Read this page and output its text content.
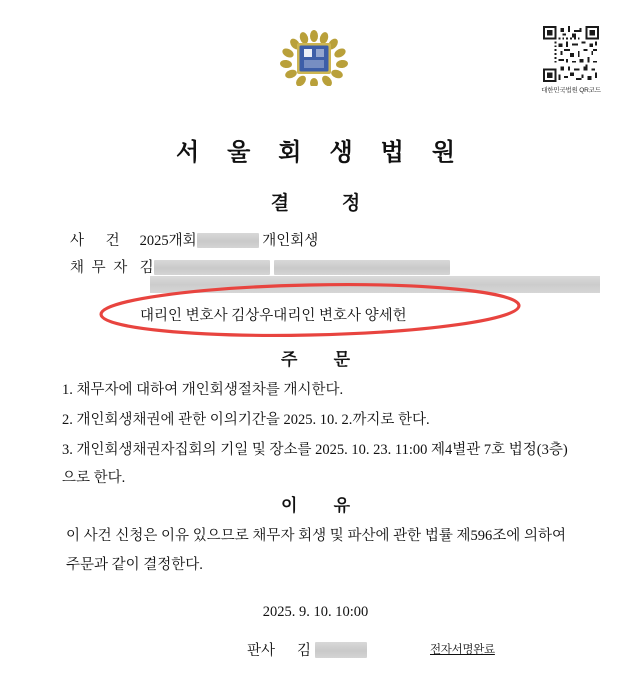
대한민국법원 QR코드
서 울 회 생 법 원
결 정
사 건 2025개회	개인회생
채 무 자 김
대리인 변호사 김상우대리인 변호사 양세헌
주 문
1. 채무자에 대하여 개인회생절차를 개시한다.
2. 개인회생채권에 관한 이의기간을 2025. 10. 2.까지로 한다.
3. 개인회생채권자집회의 기일 및 장소를 2025. 10. 23. 11:00 제4별관 7호 법정(3층)으로 한다.
이 유
이 사건 신청은 이유 있으므로 채무자 회생 및 파산에 관한 법률 제596조에 의하여 주문과 같이 결정한다.
2025. 9. 10. 10:00
판사 김	전자서명완료
